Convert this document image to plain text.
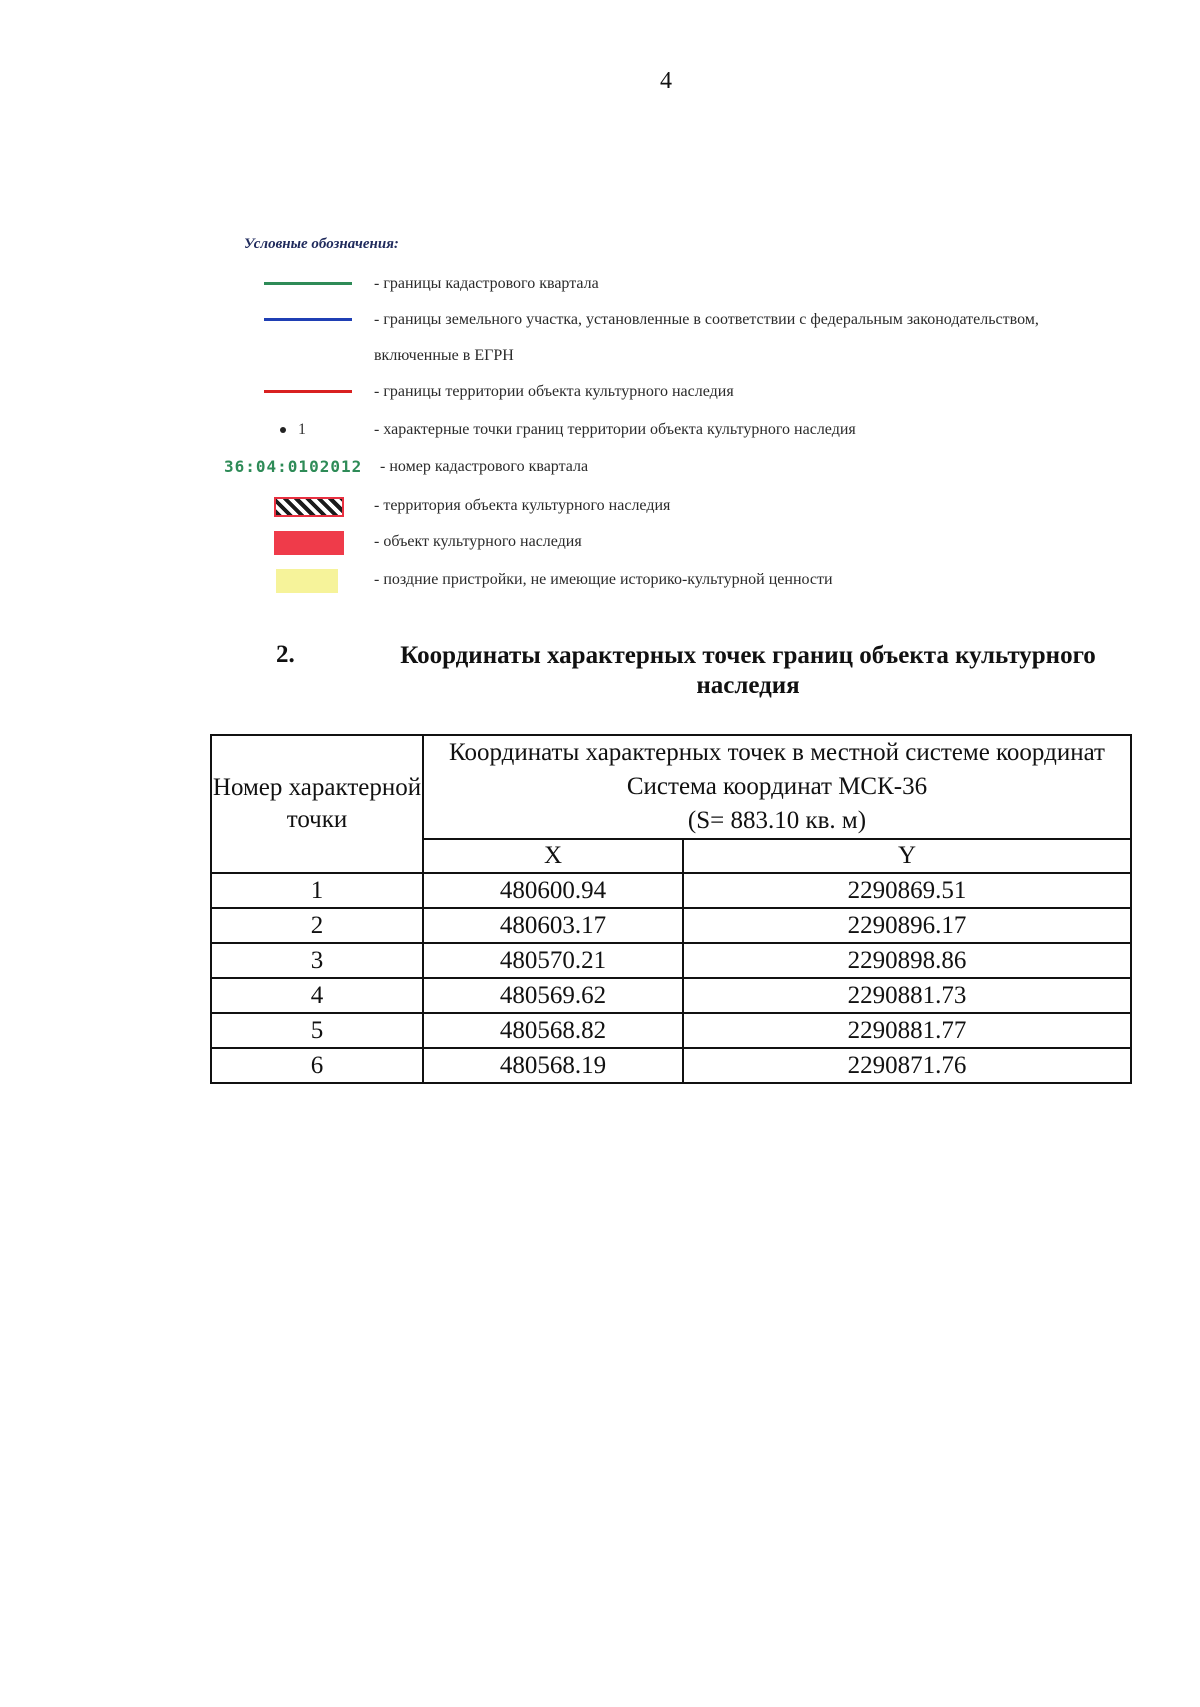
4
Условные обозначения:
- границы кадастрового квартала
- границы земельного участка, установленные в соответствии с федеральным законодательством, включенные в ЕГРН
- границы территории объекта культурного наследия
1	- характерные точки границ территории объекта культурного наследия
36:04:0102012 - номер кадастрового квартала
- территория объекта культурного наследия
- объект культурного наследия
- поздние пристройки, не имеющие историко-культурной ценности
2.	Координаты характерных точек границ объекта культурного наследия
Номер характерной точки	Координаты характерных точек в местной системе координат
Система координат МСК-36
(S= 883.10 кв. м)	

	X	Y
1	480600.94	2290869.51
2	480603.17	2290896.17
3	480570.21	2290898.86
4	480569.62	2290881.73
5	480568.82	2290881.77
6	480568.19	2290871.76
